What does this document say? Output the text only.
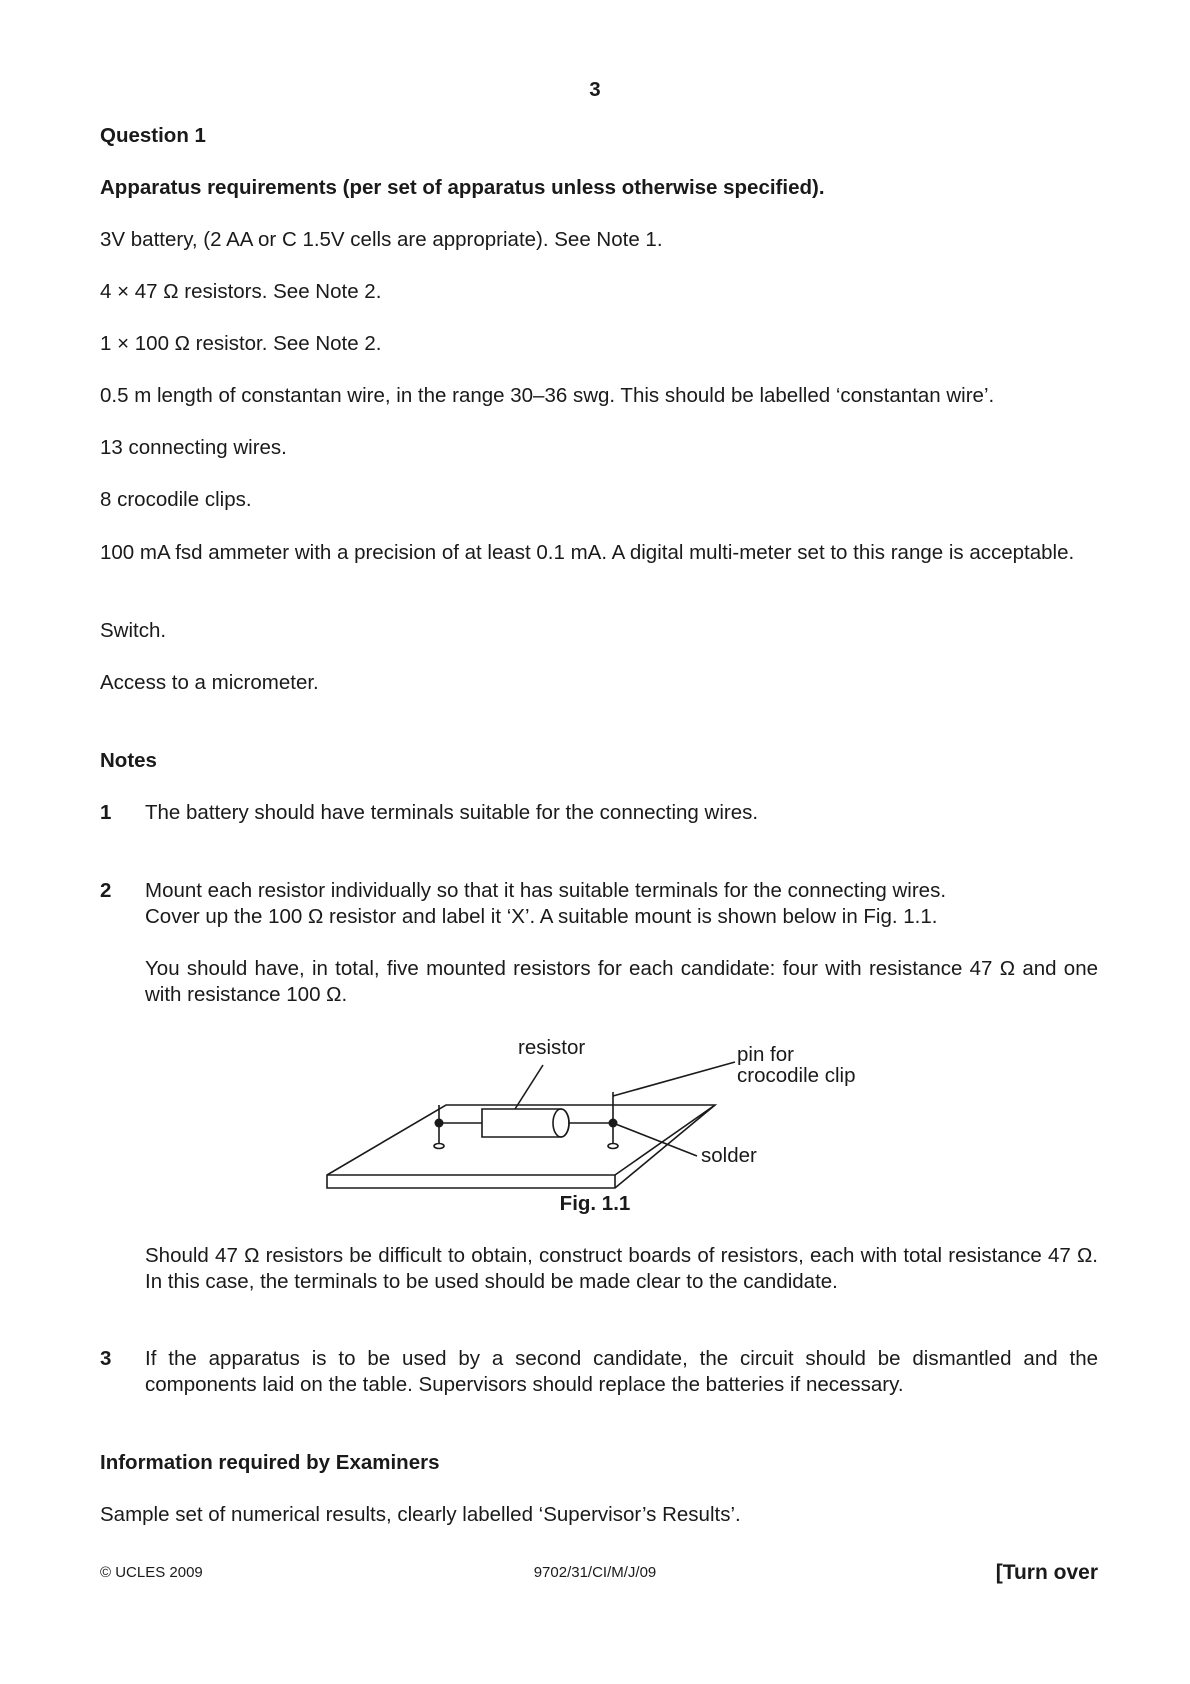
3
Question 1
Apparatus requirements (per set of apparatus unless otherwise specified).
3V battery, (2 AA or C 1.5V cells are appropriate). See Note 1.
4 × 47 Ω resistors. See Note 2.
1 × 100 Ω resistor. See Note 2.
0.5 m length of constantan wire, in the range 30–36 swg. This should be labelled ‘constantan wire’.
13 connecting wires.
8 crocodile clips.
100 mA fsd ammeter with a precision of at least 0.1 mA. A digital multi-meter set to this range is acceptable.
Switch.
Access to a micrometer.
Notes
1 The battery should have terminals suitable for the connecting wires.
2 Mount each resistor individually so that it has suitable terminals for the connecting wires.
Cover up the 100 Ω resistor and label it ‘X’. A suitable mount is shown below in Fig. 1.1.
You should have, in total, five mounted resistors for each candidate: four with resistance 47 Ω and one with resistance 100 Ω.
resistor	pin for
crocodile clip
solder
Fig. 1.1
Should 47 Ω resistors be difficult to obtain, construct boards of resistors, each with total resistance 47 Ω. In this case, the terminals to be used should be made clear to the candidate.
3 If the apparatus is to be used by a second candidate, the circuit should be dismantled and the components laid on the table. Supervisors should replace the batteries if necessary.
Information required by Examiners
Sample set of numerical results, clearly labelled ‘Supervisor’s Results’.
© UCLES 2009	9702/31/CI/M/J/09	[Turn over
